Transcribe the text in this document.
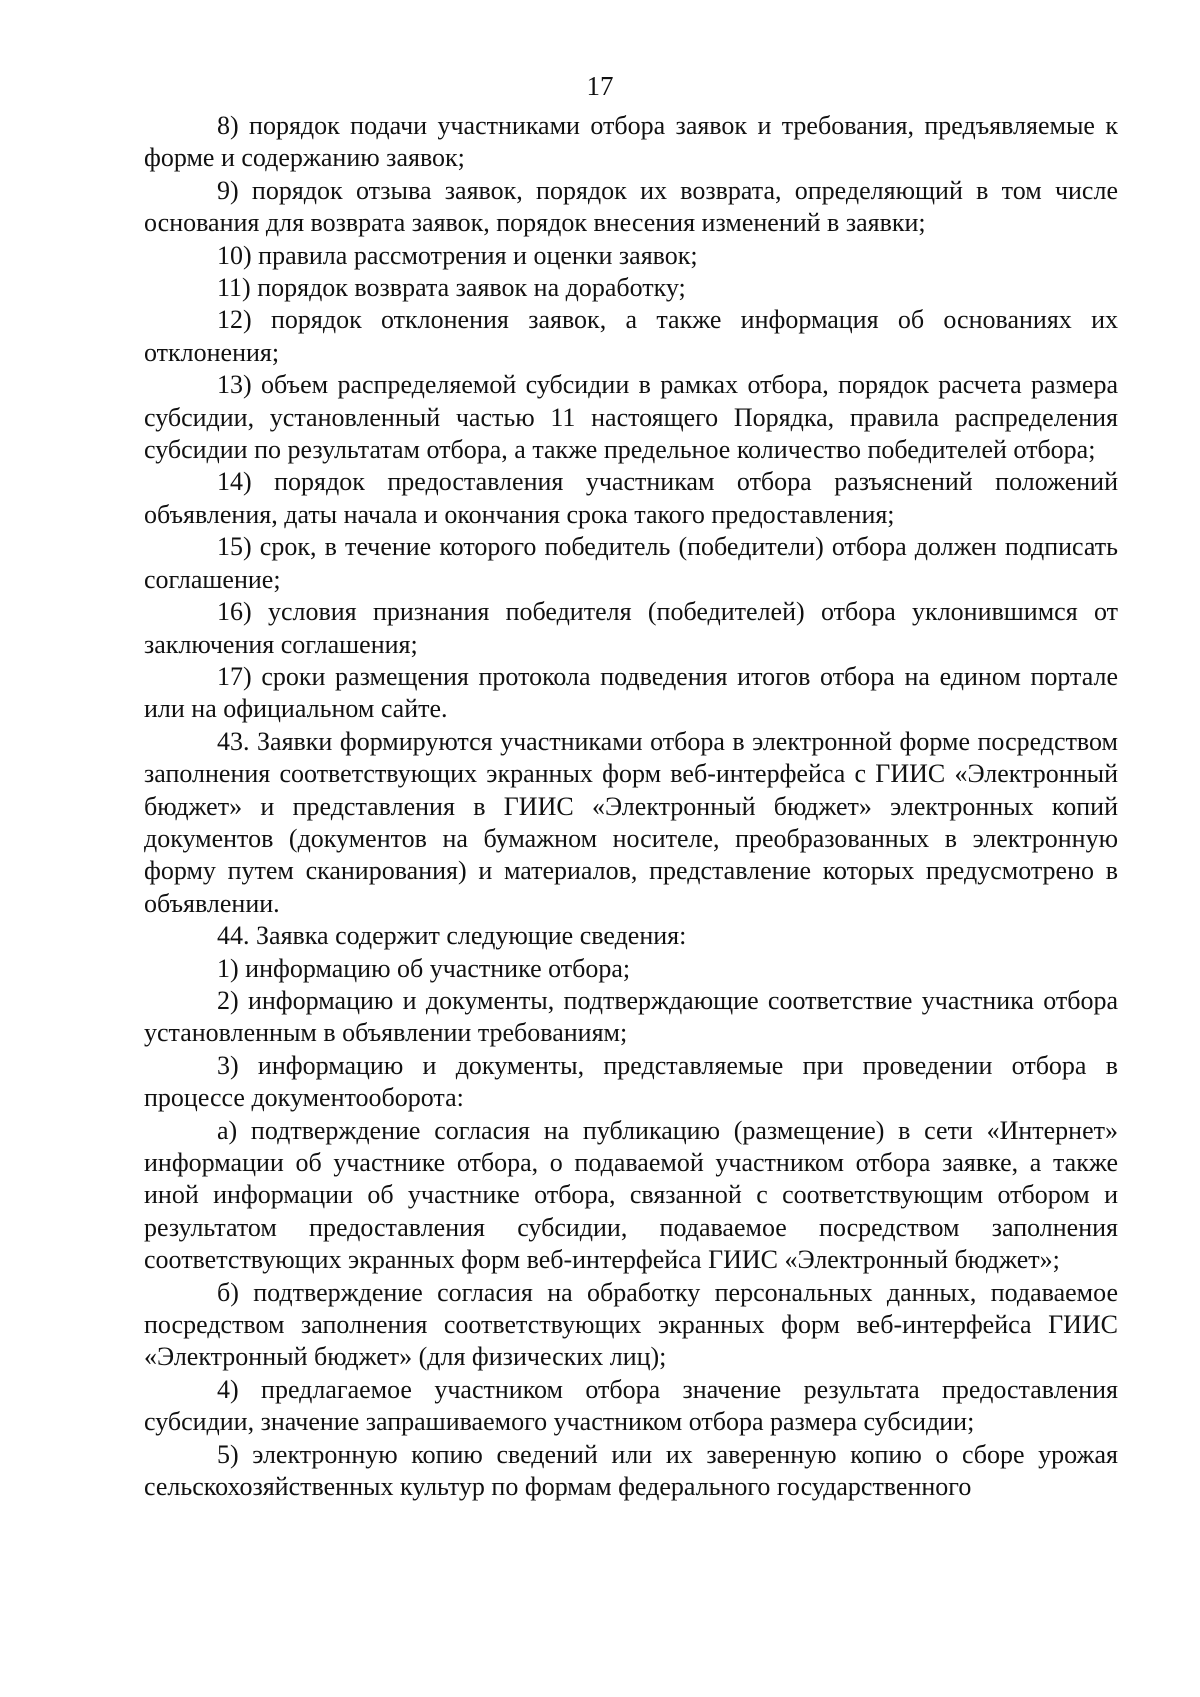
17

8) порядок подачи участниками отбора заявок и требования, предъявляемые к форме и содержанию заявок;

9) порядок отзыва заявок, порядок их возврата, определяющий в том числе основания для возврата заявок, порядок внесения изменений в заявки;

10) правила рассмотрения и оценки заявок;

11) порядок возврата заявок на доработку;

12) порядок отклонения заявок, а также информация об основаниях их отклонения;

13) объем распределяемой субсидии в рамках отбора, порядок расчета размера субсидии, установленный частью 11 настоящего Порядка, правила распределения субсидии по результатам отбора, а также предельное количество победителей отбора;

14) порядок предоставления участникам отбора разъяснений положений объявления, даты начала и окончания срока такого предоставления;

15) срок, в течение которого победитель (победители) отбора должен подписать соглашение;

16) условия признания победителя (победителей) отбора уклонившимся от заключения соглашения;

17) сроки размещения протокола подведения итогов отбора на едином портале или на официальном сайте.

43. Заявки формируются участниками отбора в электронной форме посредством заполнения соответствующих экранных форм веб-интерфейса с ГИИС «Электронный бюджет» и представления в ГИИС «Электронный бюджет» электронных копий документов (документов на бумажном носителе, преобразованных в электронную форму путем сканирования) и материалов, представление которых предусмотрено в объявлении.

44. Заявка содержит следующие сведения:

1) информацию об участнике отбора;

2) информацию и документы, подтверждающие соответствие участника отбора установленным в объявлении требованиям;

3) информацию и документы, представляемые при проведении отбора в процессе документооборота:

а) подтверждение согласия на публикацию (размещение) в сети «Интернет» информации об участнике отбора, о подаваемой участником отбора заявке, а также иной информации об участнике отбора, связанной с соответствующим отбором и результатом предоставления субсидии, подаваемое посредством заполнения соответствующих экранных форм веб-интерфейса ГИИС «Электронный бюджет»;

б) подтверждение согласия на обработку персональных данных, подаваемое посредством заполнения соответствующих экранных форм веб-интерфейса ГИИС «Электронный бюджет» (для физических лиц);

4) предлагаемое участником отбора значение результата предоставления субсидии, значение запрашиваемого участником отбора размера субсидии;

5) электронную копию сведений или их заверенную копию о сборе урожая сельскохозяйственных культур по формам федерального государственного
